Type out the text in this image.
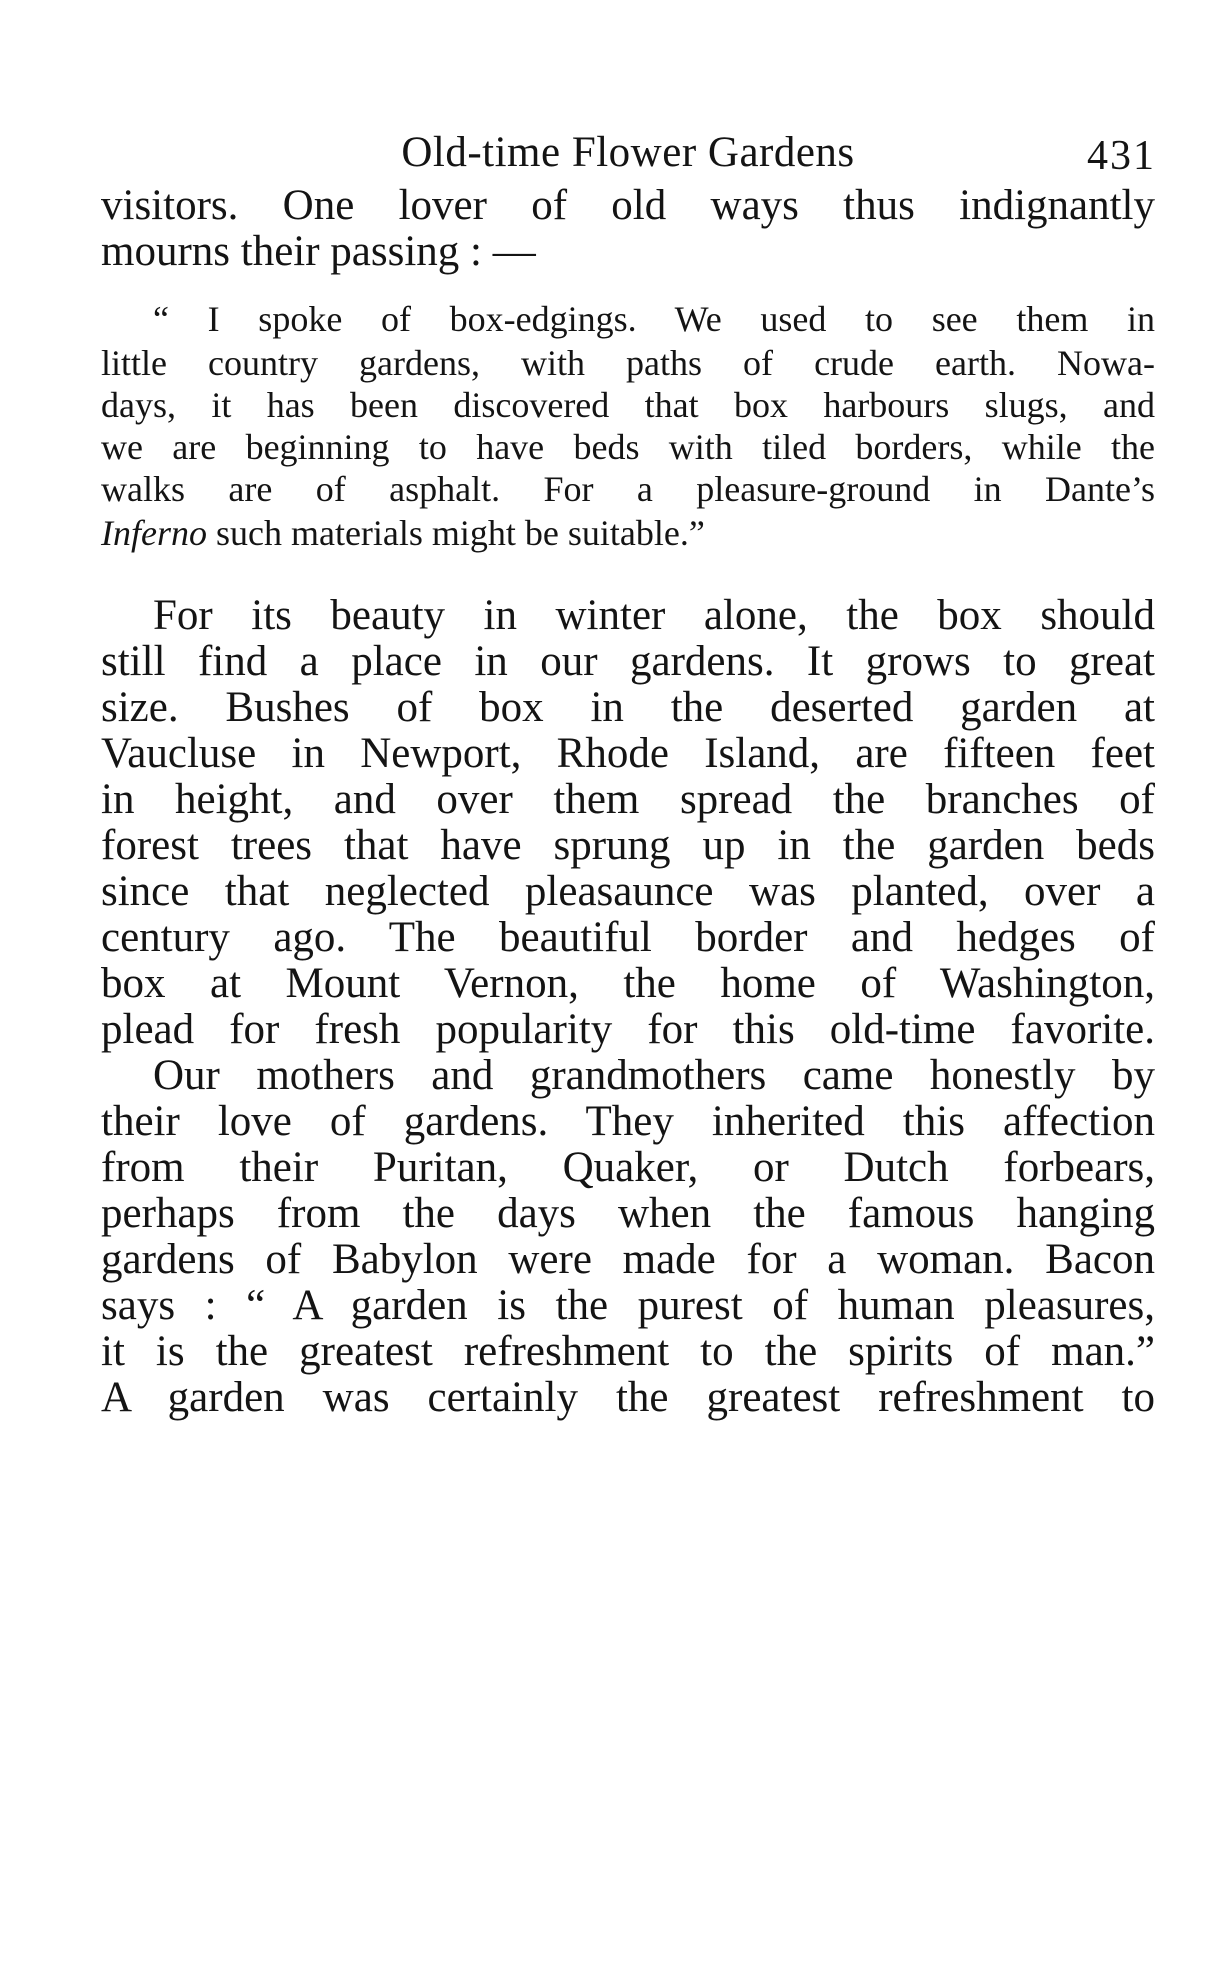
Old-time Flower Gardens	431
visitors. One lover of old ways thus indignantly
mourns their passing : —
“ I spoke of box-edgings. We used to see them in
little country gardens, with paths of crude earth. Nowa-
days, it has been discovered that box harbours slugs, and
we are beginning to have beds with tiled borders, while the
walks are of asphalt. For a pleasure-ground in Dante’s
Inferno such materials might be suitable.”
For its beauty in winter alone, the box should
still find a place in our gardens. It grows to great
size. Bushes of box in the deserted garden at
Vaucluse in Newport, Rhode Island, are fifteen feet
in height, and over them spread the branches of
forest trees that have sprung up in the garden beds
since that neglected pleasaunce was planted, over a
century ago. The beautiful border and hedges of
box at Mount Vernon, the home of Washington,
plead for fresh popularity for this old-time favorite.
Our mothers and grandmothers came honestly by
their love of gardens. They inherited this affection
from their Puritan, Quaker, or Dutch forbears,
perhaps from the days when the famous hanging
gardens of Babylon were made for a woman. Bacon
says : “ A garden is the purest of human pleasures,
it is the greatest refreshment to the spirits of man.”
A garden was certainly the greatest refreshment to
